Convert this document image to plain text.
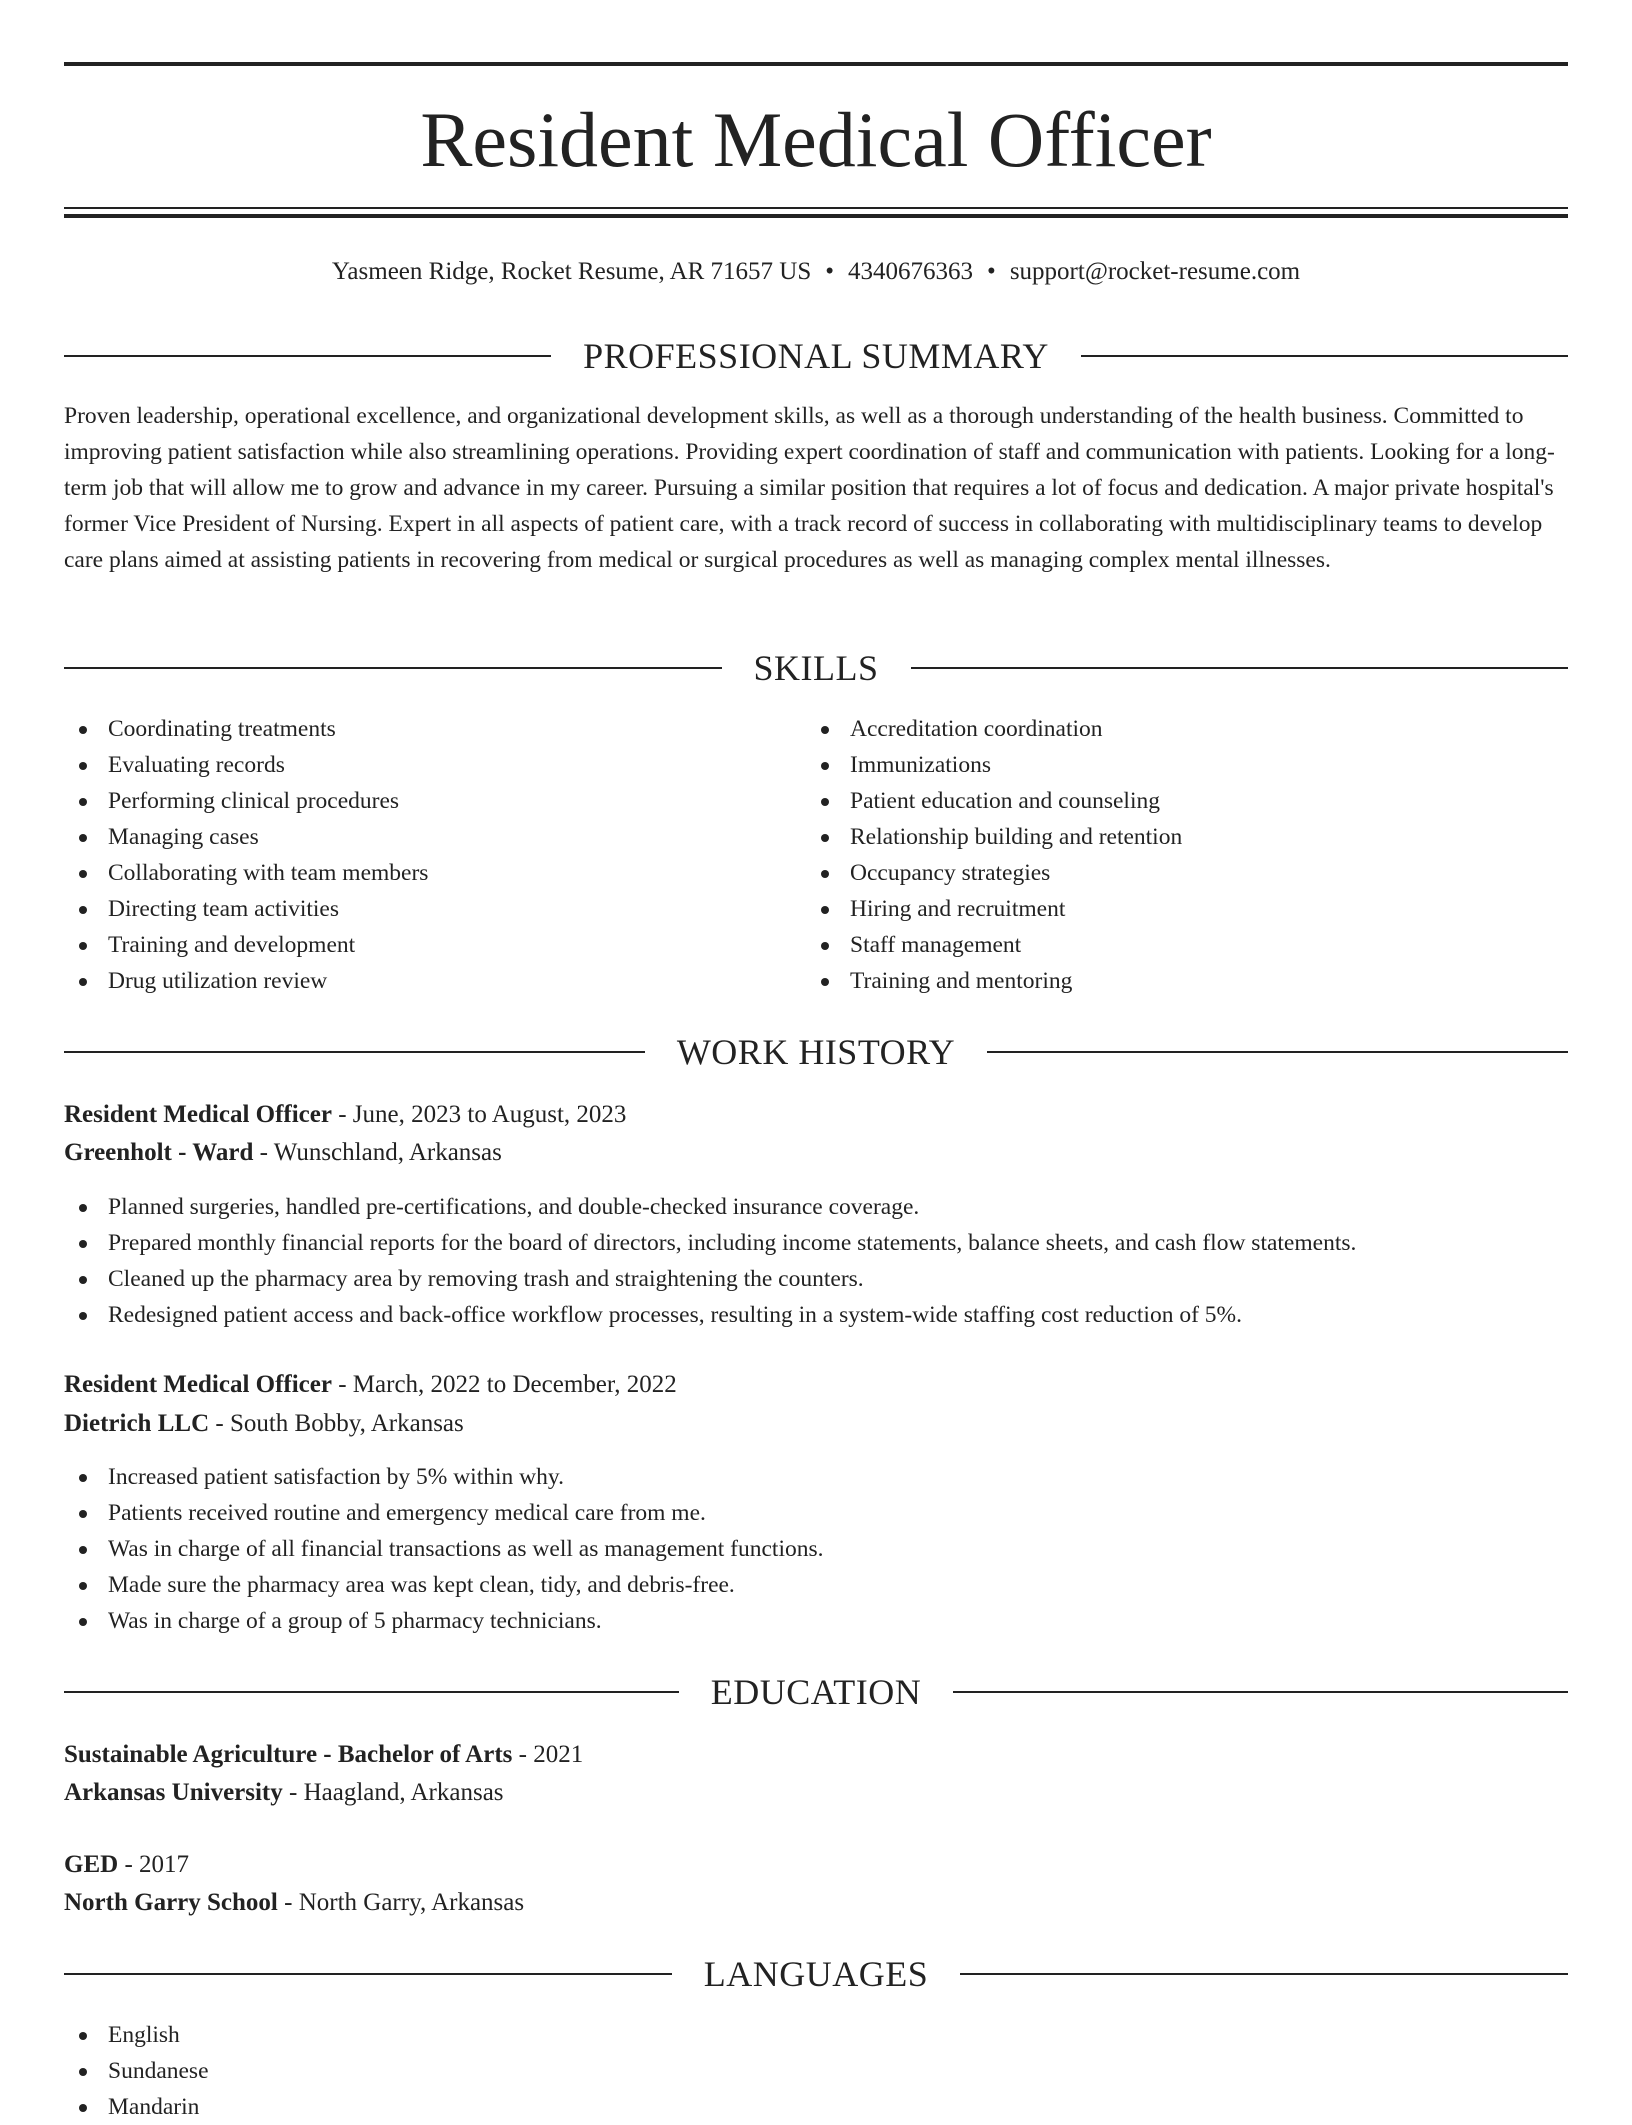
Resident Medical Officer
Yasmeen Ridge, Rocket Resume, AR 71657 US • 4340676363 • support@rocket-resume.com
PROFESSIONAL SUMMARY

Proven leadership, operational excellence, and organizational development skills, as well as a thorough understanding of the health business. Committed to improving patient satisfaction while also streamlining operations. Providing expert coordination of staff and communication with patients. Looking for a long-term job that will allow me to grow and advance in my career. Pursuing a similar position that requires a lot of focus and dedication. A major private hospital's former Vice President of Nursing. Expert in all aspects of patient care, with a track record of success in collaborating with multidisciplinary teams to develop care plans aimed at assisting patients in recovering from medical or surgical procedures as well as managing complex mental illnesses.

SKILLS
Coordinating treatments
Evaluating records
Performing clinical procedures
Managing cases
Collaborating with team members
Directing team activities
Training and development
Drug utilization review
Accreditation coordination
Immunizations
Patient education and counseling
Relationship building and retention
Occupancy strategies
Hiring and recruitment
Staff management
Training and mentoring
WORK HISTORY
Resident Medical Officer - June, 2023 to August, 2023
Greenholt - Ward - Wunschland, Arkansas
Planned surgeries, handled pre-certifications, and double-checked insurance coverage.
Prepared monthly financial reports for the board of directors, including income statements, balance sheets, and cash flow statements.
Cleaned up the pharmacy area by removing trash and straightening the counters.
Redesigned patient access and back-office workflow processes, resulting in a system-wide staffing cost reduction of 5%.
Resident Medical Officer - March, 2022 to December, 2022
Dietrich LLC - South Bobby, Arkansas
Increased patient satisfaction by 5% within why.
Patients received routine and emergency medical care from me.
Was in charge of all financial transactions as well as management functions.
Made sure the pharmacy area was kept clean, tidy, and debris-free.
Was in charge of a group of 5 pharmacy technicians.
EDUCATION
Sustainable Agriculture - Bachelor of Arts - 2021
Arkansas University - Haagland, Arkansas
GED - 2017
North Garry School - North Garry, Arkansas
LANGUAGES
English
Sundanese
Mandarin
